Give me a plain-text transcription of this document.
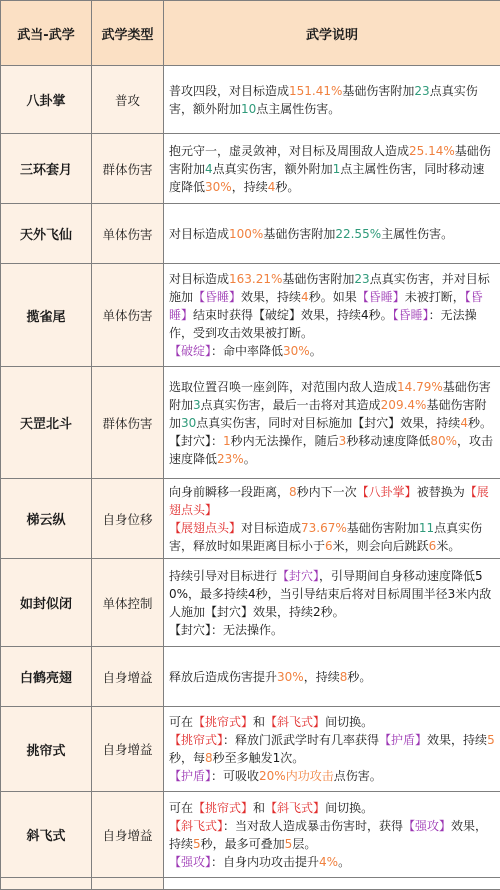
武当-武学	武学类型	武学说明
八卦掌	普攻	普攻四段，对目标造成151.41%基础伤害附加23点真实伤害，额外附加10点主属性伤害。

三环套月	群体伤害	抱元守一，虚灵敛神，对目标及周围敌人造成25.14%基础伤害附加4点真实伤害，额外附加1点主属性伤害，同时移动速度降低30%，持续4秒。

天外飞仙	单体伤害	对目标造成100%基础伤害附加22.55%主属性伤害。

揽雀尾	单体伤害	对目标造成163.21%基础伤害附加23点真实伤害，并对目标施加【昏睡】效果，持续4秒。如果【昏睡】未被打断，【昏睡】结束时获得【破绽】效果，持续4秒。【昏睡】：无法操作，受到攻击效果被打断。
【破绽】：命中率降低30%。

天罡北斗	群体伤害	选取位置召唤一座剑阵，对范围内敌人造成14.79%基础伤害附加3点真实伤害，最后一击将对其造成209.4%基础伤害附加30点真实伤害，同时对目标施加【封穴】效果，持续4秒。
【封穴】：1秒内无法操作，随后3秒移动速度降低80%，攻击速度降低23%。

梯云纵	自身位移	向身前瞬移一段距离，8秒内下一次【八卦掌】被替换为【展翅点头】
【展翅点头】对目标造成73.67%基础伤害附加11点真实伤害，释放时如果距离目标小于6米，则会向后跳跃6米。

如封似闭	单体控制	持续引导对目标进行【封穴】，引导期间自身移动速度降低50%，最多持续4秒，当引导结束后将对目标周围半径3米内敌人施加【封穴】效果，持续2秒。
【封穴】：无法操作。

白鹤亮翅	自身增益	释放后造成伤害提升30%，持续8秒。

挑帘式	自身增益	可在【挑帘式】和【斜飞式】间切换。
【挑帘式】：释放门派武学时有几率获得【护盾】效果，持续5秒，每8秒至多触发1次。
【护盾】：可吸收20%内功攻击点伤害。

斜飞式	自身增益	可在【挑帘式】和【斜飞式】间切换。
【斜飞式】：当对敌人造成暴击伤害时，获得【强攻】效果，持续5秒，最多可叠加5层。
【强攻】：自身内功攻击提升4%。
